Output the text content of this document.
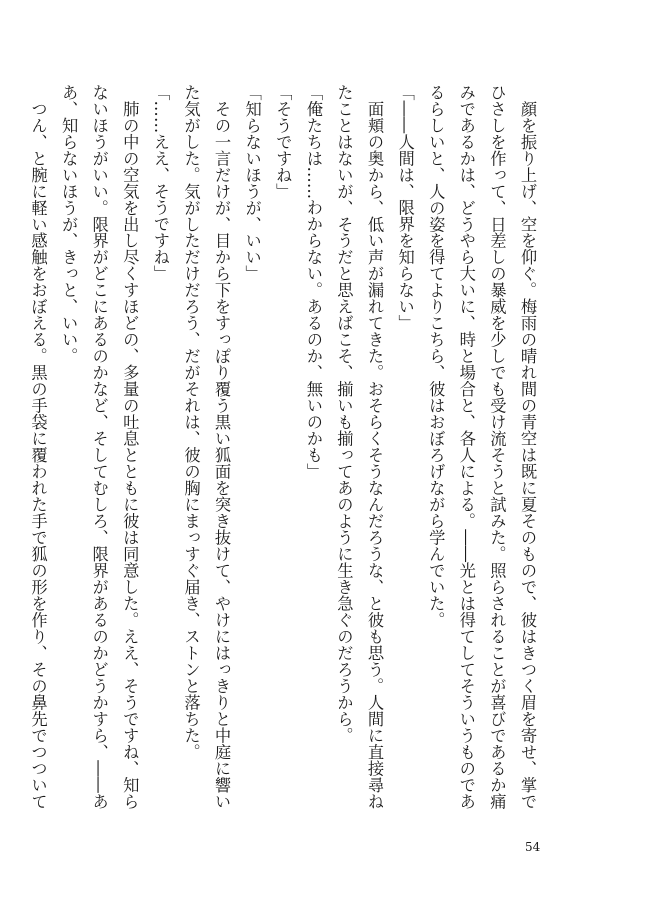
　顔を振り上げ、空を仰ぐ。梅雨の晴れ間の青空は既に夏そのもので、彼はきつく眉を寄せ、掌で

ひさしを作って、日差しの暴威を少しでも受け流そうと試みた。照らされることが喜びであるか痛

みであるかは、どうやら大いに、時と場合と、各人による。――光とは得てしてそういうものであ

るらしいと、人の姿を得てよりこちら、彼はおぼろげながら学んでいた。

「――人間は、限界を知らない」

　面頬の奥から、低い声が漏れてきた。おそらくそうなんだろうな、と彼も思う。人間に直接尋ね

たことはないが、そうだと思えばこそ、揃いも揃ってあのように生き急ぐのだろうから。

「俺たちは……わからない。あるのか、無いのかも」

「そうですね」

「知らないほうが、いい」

　その一言だけが、目から下をすっぽり覆う黒い狐面を突き抜けて、やけにはっきりと中庭に響い

た気がした。気がしただけだろう、だがそれは、彼の胸にまっすぐ届き、ストンと落ちた。

「……ええ、そうですね」

　肺の中の空気を出し尽くすほどの、多量の吐息とともに彼は同意した。ええ、そうですね、知ら

ないほうがいい。限界がどこにあるのかなど、そしてむしろ、限界があるのかどうかすら、――あ

あ、知らないほうが、きっと、いい。

　つん、と腕に軽い感触をおぼえる。黒の手袋に覆われた手で狐の形を作り、その鼻先でつついて

54
